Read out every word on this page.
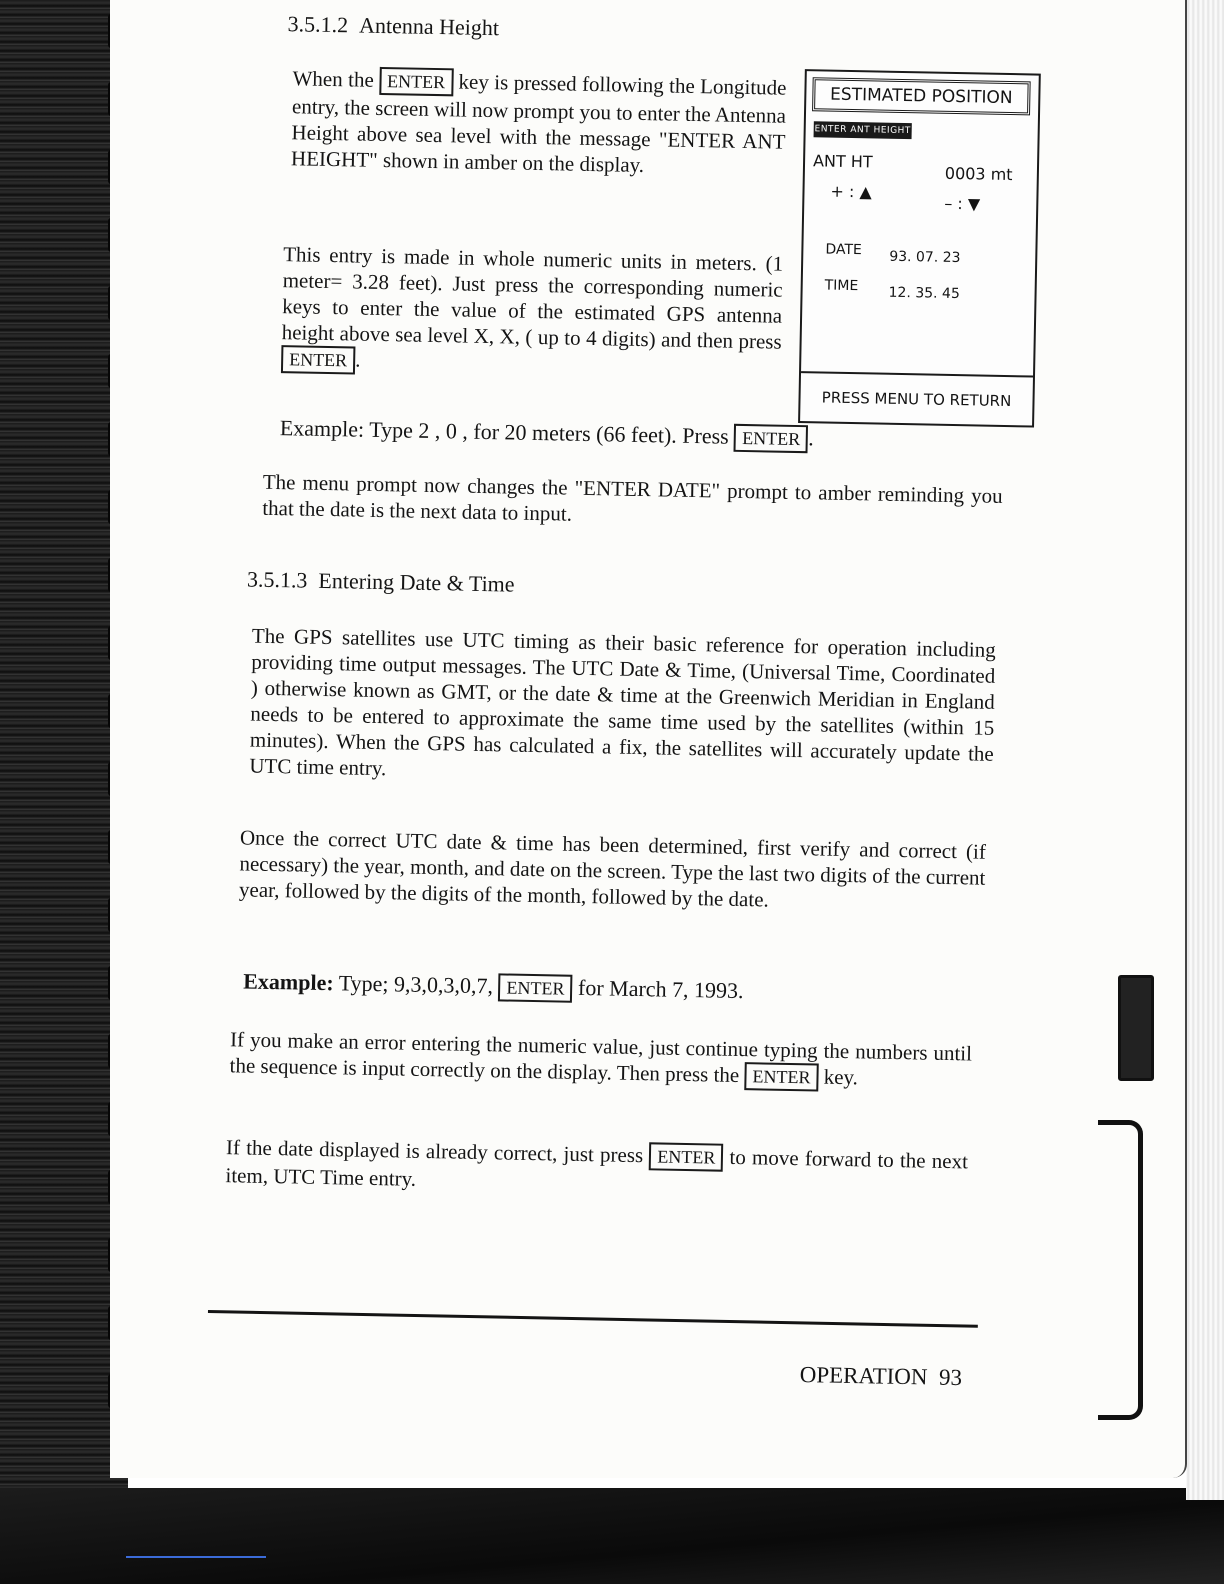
3.5.1.2 Antenna Height
When the ENTER key is pressed following the Longitude entry, the screen will now prompt you to enter the Antenna Height above sea level with the message "ENTER ANT HEIGHT" shown in amber on the display.
This entry is made in whole numeric units in meters. (1 meter= 3.28 feet). Just press the corresponding numeric keys to enter the value of the estimated GPS antenna height above sea level X, X, ( up to 4 digits) and then press ENTER .
Example: Type 2 , 0 , for 20 meters (66 feet). Press ENTER .
The menu prompt now changes the "ENTER DATE" prompt to amber reminding you that the date is the next data to input.
ESTIMATED POSITION
ENTER ANT HEIGHT
ANT HT
0003 mt
+ : ▲
– : ▼
DATE 93. 07. 23
TIME 12. 35. 45
PRESS MENU TO RETURN
3.5.1.3 Entering Date & Time
The GPS satellites use UTC timing as their basic reference for operation including providing time output messages. The UTC Date & Time, (Universal Time, Coordinated ) otherwise known as GMT, or the date & time at the Greenwich Meridian in England needs to be entered to approximate the same time used by the satellites (within 15 minutes). When the GPS has calculated a fix, the satellites will accurately update the UTC time entry.
Once the correct UTC date & time has been determined, first verify and correct (if necessary) the year, month, and date on the screen. Type the last two digits of the current year, followed by the digits of the month, followed by the date.
Example: Type; 9,3,0,3,0,7, ENTER for March 7, 1993.
If you make an error entering the numeric value, just continue typing the numbers until the sequence is input correctly on the display. Then press the ENTER key.
If the date displayed is already correct, just press ENTER to move forward to the next item, UTC Time entry.
OPERATION 93
